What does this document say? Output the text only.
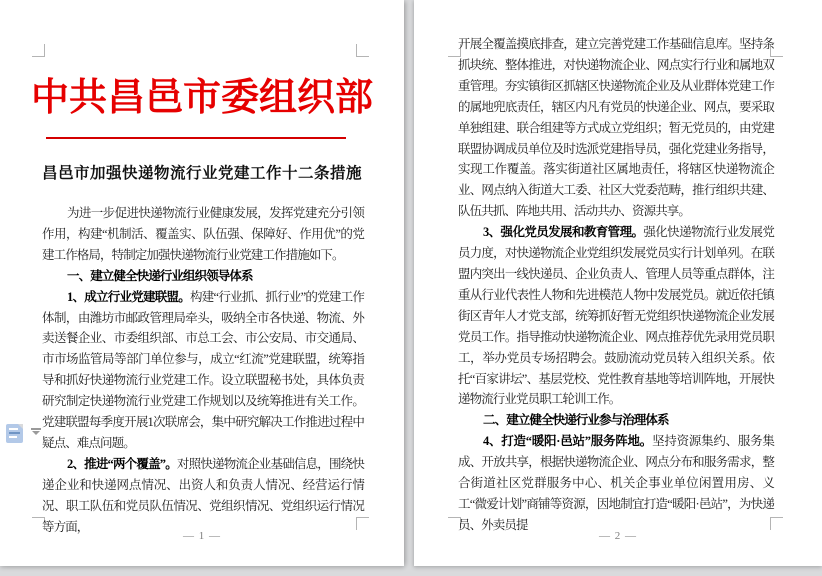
中共昌邑市委组织部
昌邑市加强快递物流行业党建工作十二条措施

为进一步促进快递物流行业健康发展，发挥党建充分引领作用，构建“机制活、覆盖实、队伍强、保障好、作用优”的党建工作格局，特制定加强快递物流行业党建工作措施如下。

一、建立健全快递行业组织领导体系

1、成立行业党建联盟。构建“行业抓、抓行业”的党建工作体制，由潍坊市邮政管理局牵头，吸纳全市各快递、物流、外卖送餐企业、市委组织部、市总工会、市公安局、市交通局、市市场监管局等部门单位参与，成立“红流”党建联盟，统筹指导和抓好快递物流行业党建工作。设立联盟秘书处，具体负责研究制定快递物流行业党建工作规划以及统筹推进有关工作。党建联盟每季度开展1次联席会，集中研究解决工作推进过程中疑点、难点问题。

2、推进“两个覆盖”。对照快递物流企业基础信息，围绕快递企业和快递网点情况、出资人和负责人情况、经营运行情况、职工队伍和党员队伍情况、党组织情况、党组织运行情况等方面，

— 1 —

开展全覆盖摸底排查，建立完善党建工作基础信息库。坚持条抓块统、整体推进，对快递物流企业、网点实行行业和属地双重管理。夯实镇街区抓辖区快递物流企业及从业群体党建工作的属地兜底责任，辖区内凡有党员的快递企业、网点，要采取单独组建、联合组建等方式成立党组织；暂无党员的，由党建联盟协调成员单位及时选派党建指导员，强化党建业务指导，实现工作覆盖。落实街道社区属地责任，将辖区快递物流企业、网点纳入街道大工委、社区大党委范畴，推行组织共建、队伍共抓、阵地共用、活动共办、资源共享。

3、强化党员发展和教育管理。强化快递物流行业发展党员力度，对快递物流企业党组织发展党员实行计划单列。在联盟内突出一线快递员、企业负责人、管理人员等重点群体，注重从行业代表性人物和先进模范人物中发展党员。就近依托镇街区青年人才党支部，统筹抓好暂无党组织快递物流企业发展党员工作。指导推动快递物流企业、网点推荐优先录用党员职工，举办党员专场招聘会。鼓励流动党员转入组织关系。依托“百家讲坛”、基层党校、党性教育基地等培训阵地，开展快递物流行业党员职工轮训工作。

二、建立健全快递行业参与治理体系

4、打造“暖阳·邑站”服务阵地。坚持资源集约、服务集成、开放共享，根据快递物流企业、网点分布和服务需求，整合街道社区党群服务中心、机关企事业单位闲置用房、义工“微爱计划”商铺等资源，因地制宜打造“暖阳·邑站”，为快递员、外卖员提

— 2 —
